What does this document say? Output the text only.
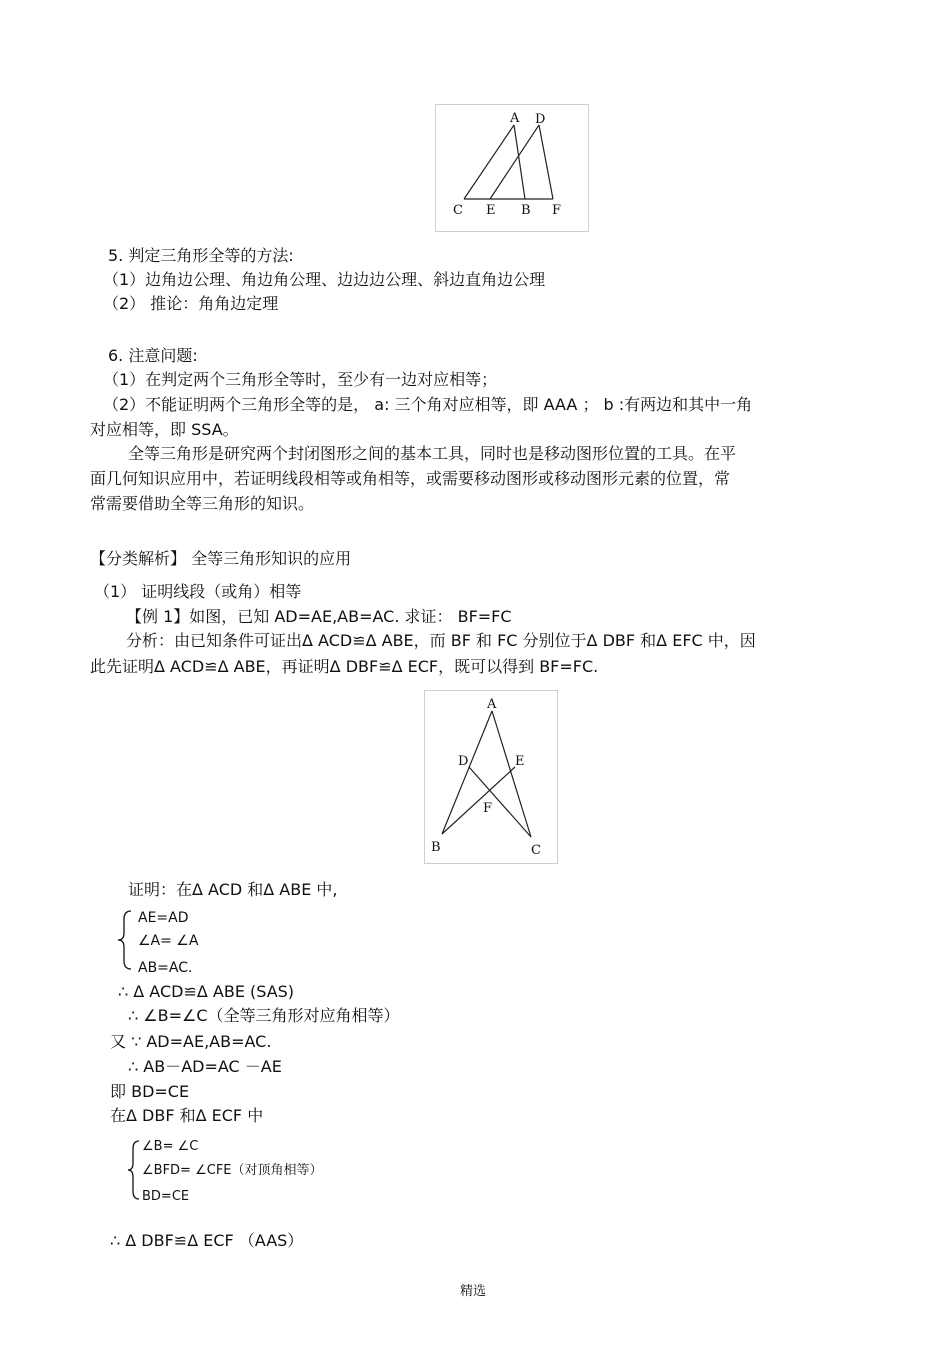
A D
C E B F
5. 判定三角形全等的方法:
（1）边角边公理、角边角公理、边边边公理、斜边直角边公理
（2） 推论：角角边定理
6. 注意问题:
（1）在判定两个三角形全等时，至少有一边对应相等；
（2）不能证明两个三角形全等的是， a: 三个角对应相等，即 AAA ； b :有两边和其中一角
对应相等，即 SSA。
全等三角形是研究两个封闭图形之间的基本工具，同时也是移动图形位置的工具。在平
面几何知识应用中，若证明线段相等或角相等，或需要移动图形或移动图形元素的位置，常
常需要借助全等三角形的知识。
【分类解析】 全等三角形知识的应用
（1） 证明线段（或角）相等
【例 1】如图，已知 AD=AE,AB=AC. 求证： BF=FC
分析：由已知条件可证出Δ ACD≌Δ ABE，而 BF 和 FC 分别位于Δ DBF 和Δ EFC 中，因
此先证明Δ ACD≌Δ ABE，再证明Δ DBF≌Δ ECF，既可以得到 BF=FC.
A
D	E
F
B	C
证明：在Δ ACD 和Δ ABE 中,
AE=AD
∠A= ∠A
AB=AC.
∴ Δ ACD≌Δ ABE (SAS)
∴ ∠B=∠C（全等三角形对应角相等）
又 ∵ AD=AE,AB=AC.
∴ AB－AD=AC －AE
即 BD=CE
在Δ DBF 和Δ ECF 中
∠B= ∠C
∠BFD= ∠CFE（对顶角相等）
BD=CE
∴ Δ DBF≌Δ ECF （AAS）
精选
